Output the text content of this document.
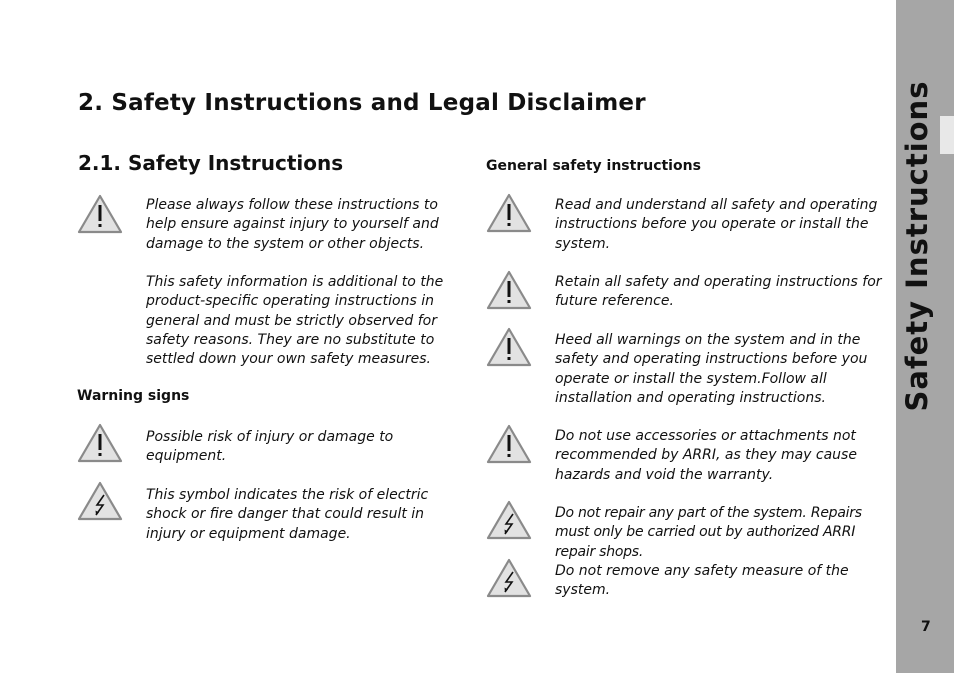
Safety Instructions
7
2. Safety Instructions and Legal Disclaimer
2.1. Safety Instructions

Please always follow these instructions to help ensure against injury to yourself and damage to the system or other objects.

This safety information is additional to the product-specific operating instructions in general and must be strictly observed for safety reasons. They are no substitute to settled down your own safety measures.

Warning signs

Possible risk of injury or damage to equipment.

This symbol indicates the risk of electric shock or fire danger that could result in injury or equipment damage.

General safety instructions

Read and understand all safety and operating instructions before you operate or install the system.

Retain all safety and operating instructions for future reference.

Heed all warnings on the system and in the safety and operating instructions before you operate or install the system.Follow all installation and operating instructions.

Do not use accessories or attachments not recommended by ARRI, as they may cause hazards and void the warranty.

Do not repair any part of the system. Repairs must only be carried out by authorized ARRI repair shops.

Do not remove any safety measure of the system.
